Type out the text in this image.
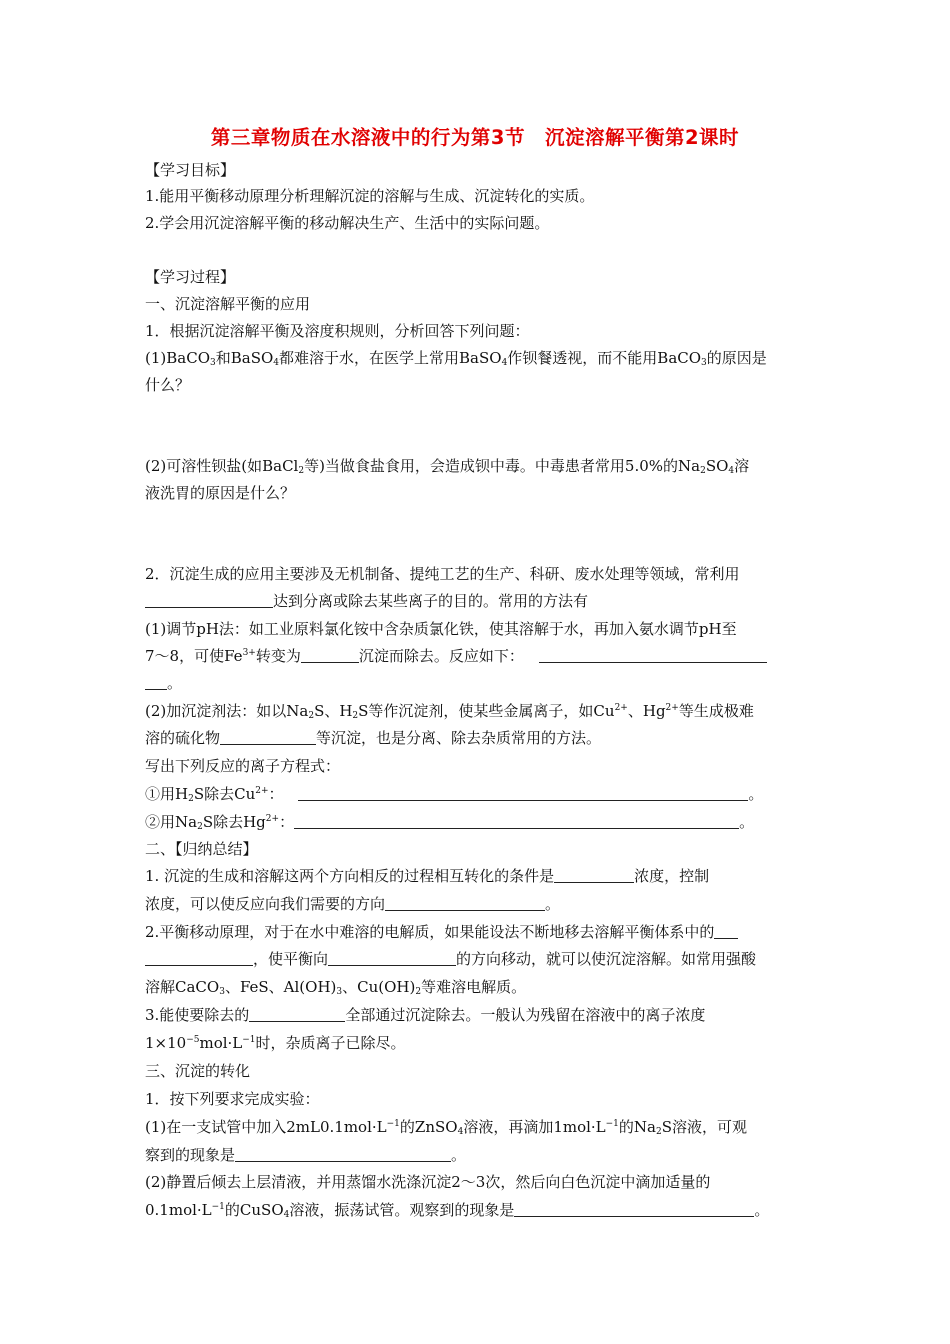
第三章物质在水溶液中的行为第3节　沉淀溶解平衡第2课时
【学习目标】
1.能用平衡移动原理分析理解沉淀的溶解与生成、沉淀转化的实质。
2.学会用沉淀溶解平衡的移动解决生产、生活中的实际问题。
【学习过程】
一、沉淀溶解平衡的应用
1．根据沉淀溶解平衡及溶度积规则，分析回答下列问题：
(1)BaCO$_3$和BaSO$_4$都难溶于水，在医学上常用BaSO$_4$作钡餐透视，而不能用BaCO$_3$的原因是
什么？
(2)可溶性钡盐(如BaCl$_2$等)当做食盐食用，会造成钡中毒。中毒患者常用5.0%的$Na_2SO_4$溶
液洗胃的原因是什么？
2．沉淀生成的应用主要涉及无机制备、提纯工艺的生产、科研、废水处理等领域，常利用
达到分离或除去某些离子的目的。常用的方法有
(1)调节pH法：如工业原料氯化铵中含杂质氯化铁，使其溶解于水，再加入氨水调节pH至
7～8，可使$Fe^{3+}$转变为	沉淀而除去。反应如下：
。
(2)加沉淀剂法：如以$Na_2S$、$H_2S$等作沉淀剂，使某些金属离子，如$Cu^{2+}$、$Hg^{2+}$等生成极难
溶的硫化物	等沉淀，也是分离、除去杂质常用的方法。
写出下列反应的离子方程式：
①用$H_2S$除去$Cu^{2+}$：	。
②用$Na_2S$除去$Hg^{2+}$：	。
二、【归纳总结】
1. 沉淀的生成和溶解这两个方向相反的过程相互转化的条件是	浓度，控制
浓度，可以使反应向我们需要的方向	。
2.平衡移动原理，对于在水中难溶的电解质，如果能设法不断地移去溶解平衡体系中的
，使平衡向	的方向移动，就可以使沉淀溶解。如常用强酸
溶解CaCO$_3$、FeS、$Al(OH)_3$、$Cu(OH)_2$等难溶电解质。
3.能使要除去的	全部通过沉淀除去。一般认为残留在溶液中的离子浓度
$1\times 10^{-5}mol\cdot L^{-1}$时，杂质离子已除尽。
三、沉淀的转化
1．按下列要求完成实验：
(1)在一支试管中加入$2mL0.1mol\cdot L^{-1}$的ZnSO$_4$溶液，再滴加$1mol\cdot L^{-1}$的$Na_2S$溶液，可观
察到的现象是	。
(2)静置后倾去上层清液，并用蒸馏水洗涤沉淀2～3次，然后向白色沉淀中滴加适量的
$0.1mol\cdot L^{-1}$的CuSO$_4$溶液，振荡试管。观察到的现象是	。
